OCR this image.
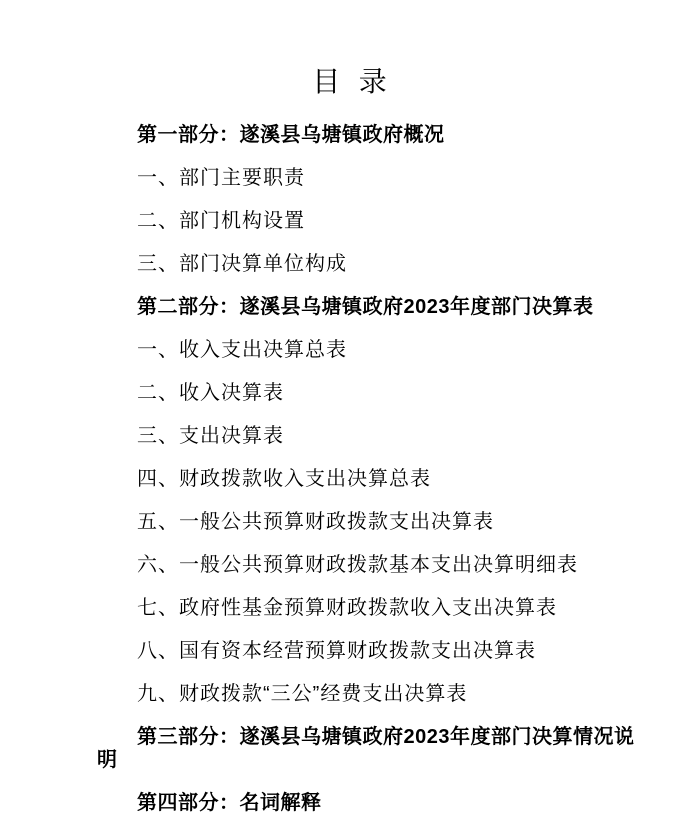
目  录

第一部分：遂溪县乌塘镇政府概况

一、部门主要职责

二、部门机构设置

三、部门决算单位构成

第二部分：遂溪县乌塘镇政府2023年度部门决算表

一、收入支出决算总表

二、收入决算表

三、支出决算表

四、财政拨款收入支出决算总表

五、一般公共预算财政拨款支出决算表

六、一般公共预算财政拨款基本支出决算明细表

七、政府性基金预算财政拨款收入支出决算表

八、国有资本经营预算财政拨款支出决算表

九、财政拨款“三公”经费支出决算表

第三部分：遂溪县乌塘镇政府2023年度部门决算情况说
明

第四部分：名词解释
